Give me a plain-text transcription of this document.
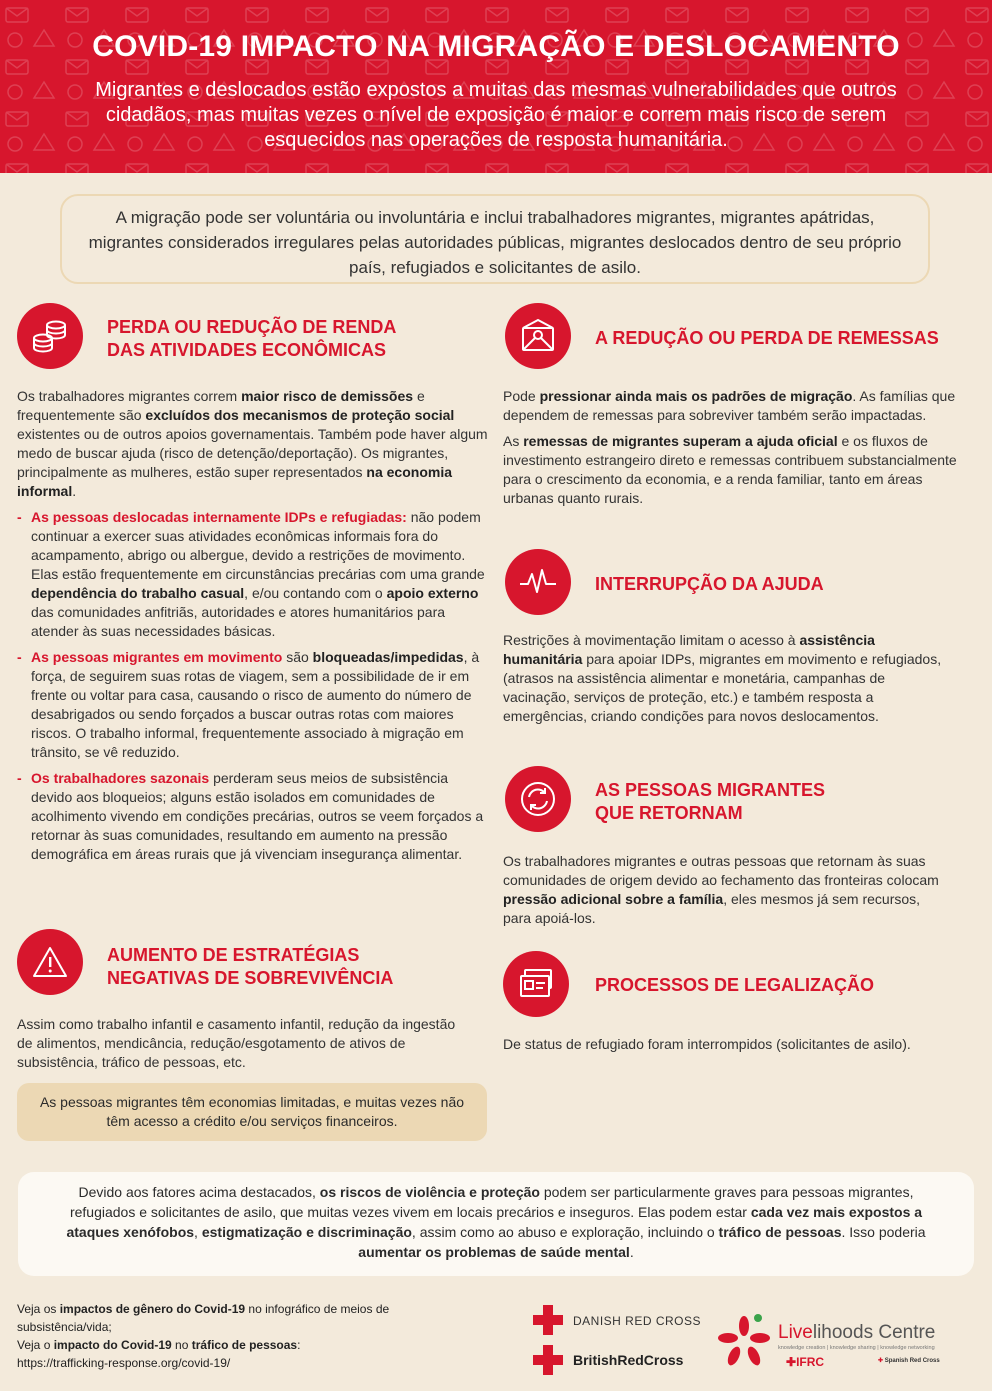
COVID-19 IMPACTO NA MIGRAÇÃO E DESLOCAMENTO

Migrantes e deslocados estão expostos a muitas das mesmas vulnerabilidades que outros cidadãos, mas muitas vezes o nível de exposição é maior e correm mais risco de serem esquecidos nas operações de resposta humanitária.

A migração pode ser voluntária ou involuntária e inclui trabalhadores migrantes, migrantes apátridas, migrantes considerados irregulares pelas autoridades públicas, migrantes deslocados dentro de seu próprio país, refugiados e solicitantes de asilo.
PERDA OU REDUÇÃO DE RENDA
DAS ATIVIDADES ECONÔMICAS

Os trabalhadores migrantes correm maior risco de demissões e frequentemente são excluídos dos mecanismos de proteção social existentes ou de outros apoios governamentais. Também pode haver algum medo de buscar ajuda (risco de detenção/deportação). Os migrantes, principalmente as mulheres, estão super representados na economia informal.

- As pessoas deslocadas internamente IDPs e refugiadas: não podem continuar a exercer suas atividades econômicas informais fora do acampamento, abrigo ou albergue, devido a restrições de movimento. Elas estão frequentemente em circunstâncias precárias com uma grande dependência do trabalho casual, e/ou contando com o apoio externo das comunidades anfitriãs, autoridades e atores humanitários para atender às suas necessidades básicas.

- As pessoas migrantes em movimento são bloqueadas/impedidas, à força, de seguirem suas rotas de viagem, sem a possibilidade de ir em frente ou voltar para casa, causando o risco de aumento do número de desabrigados ou sendo forçados a buscar outras rotas com maiores riscos. O trabalho informal, frequentemente associado à migração em trânsito, se vê reduzido.

- Os trabalhadores sazonais perderam seus meios de subsistência devido aos bloqueios; alguns estão isolados em comunidades de acolhimento vivendo em condições precárias, outros se veem forçados a retornar às suas comunidades, resultando em aumento na pressão demográfica em áreas rurais que já vivenciam insegurança alimentar.

AUMENTO DE ESTRATÉGIAS
NEGATIVAS DE SOBREVIVÊNCIA
Assim como trabalho infantil e casamento infantil, redução da ingestão de alimentos, mendicância, redução/esgotamento de ativos de subsistência, tráfico de pessoas, etc.
As pessoas migrantes têm economias limitadas, e muitas vezes não têm acesso a crédito e/ou serviços financeiros.
A REDUÇÃO OU PERDA DE REMESSAS

Pode pressionar ainda mais os padrões de migração. As famílias que dependem de remessas para sobreviver também serão impactadas.

As remessas de migrantes superam a ajuda oficial e os fluxos de investimento estrangeiro direto e remessas contribuem substancialmente para o crescimento da economia, e a renda familiar, tanto em áreas urbanas quanto rurais.

INTERRUPÇÃO DA AJUDA

Restrições à movimentação limitam o acesso à assistência humanitária para apoiar IDPs, migrantes em movimento e refugiados, (atrasos na assistência alimentar e monetária, campanhas de vacinação, serviços de proteção, etc.) e também resposta a emergências, criando condições para novos deslocamentos.

AS PESSOAS MIGRANTES
QUE RETORNAM

Os trabalhadores migrantes e outras pessoas que retornam às suas comunidades de origem devido ao fechamento das fronteiras colocam pressão adicional sobre a família, eles mesmos já sem recursos, para apoiá-los.

PROCESSOS DE LEGALIZAÇÃO
De status de refugiado foram interrompidos (solicitantes de asilo).
Devido aos fatores acima destacados, os riscos de violência e proteção podem ser particularmente graves para pessoas migrantes, refugiados e solicitantes de asilo, que muitas vezes vivem em locais precários e inseguros. Elas podem estar cada vez mais expostos a ataques xenófobos, estigmatização e discriminação, assim como ao abuso e exploração, incluindo o tráfico de pessoas. Isso poderia aumentar os problemas de saúde mental.
Veja os impactos de gênero do Covid-19 no infográfico de meios de subsistência/vida;
Veja o impacto do Covid-19 no tráfico de pessoas:
https://trafficking-response.org/covid-19/
DANISH RED CROSS
BritishRedCross
Livelihoods Centre
knowledge creation | knowledge sharing | knowledge networking
✚IFRC	✚ Spanish Red Cross
